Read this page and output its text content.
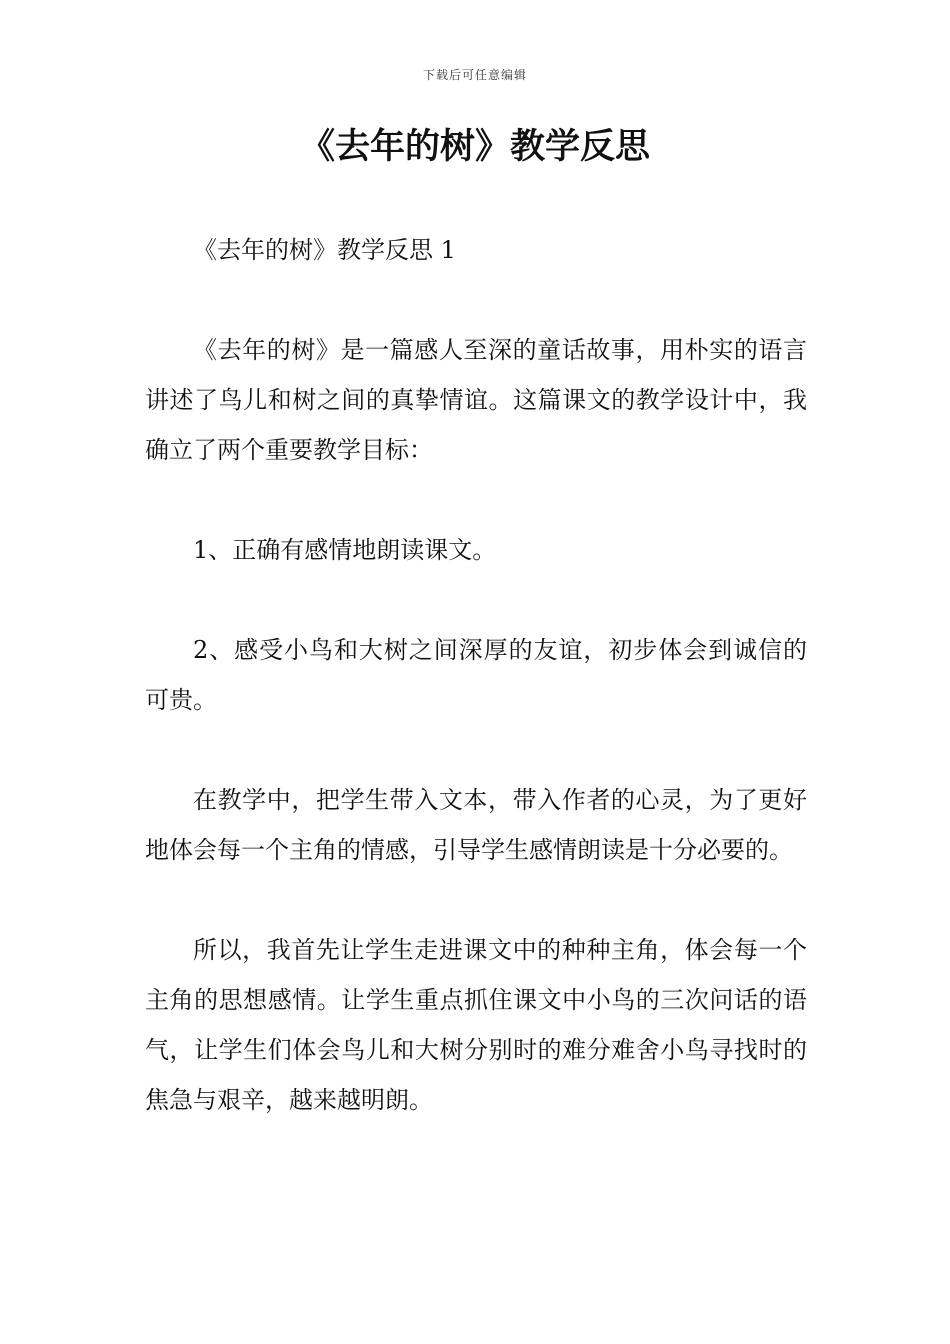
下载后可任意编辑
《去年的树》教学反思

《去年的树》教学反思 1

《去年的树》是一篇感人至深的童话故事，用朴实的语言讲述了鸟儿和树之间的真挚情谊。这篇课文的教学设计中，我确立了两个重要教学目标：

1、正确有感情地朗读课文。

2、感受小鸟和大树之间深厚的友谊，初步体会到诚信的可贵。

在教学中，把学生带入文本，带入作者的心灵，为了更好地体会每一个主角的情感，引导学生感情朗读是十分必要的。

所以，我首先让学生走进课文中的种种主角，体会每一个主角的思想感情。让学生重点抓住课文中小鸟的三次问话的语气，让学生们体会鸟儿和大树分别时的难分难舍小鸟寻找时的焦急与艰辛，越来越明朗。
